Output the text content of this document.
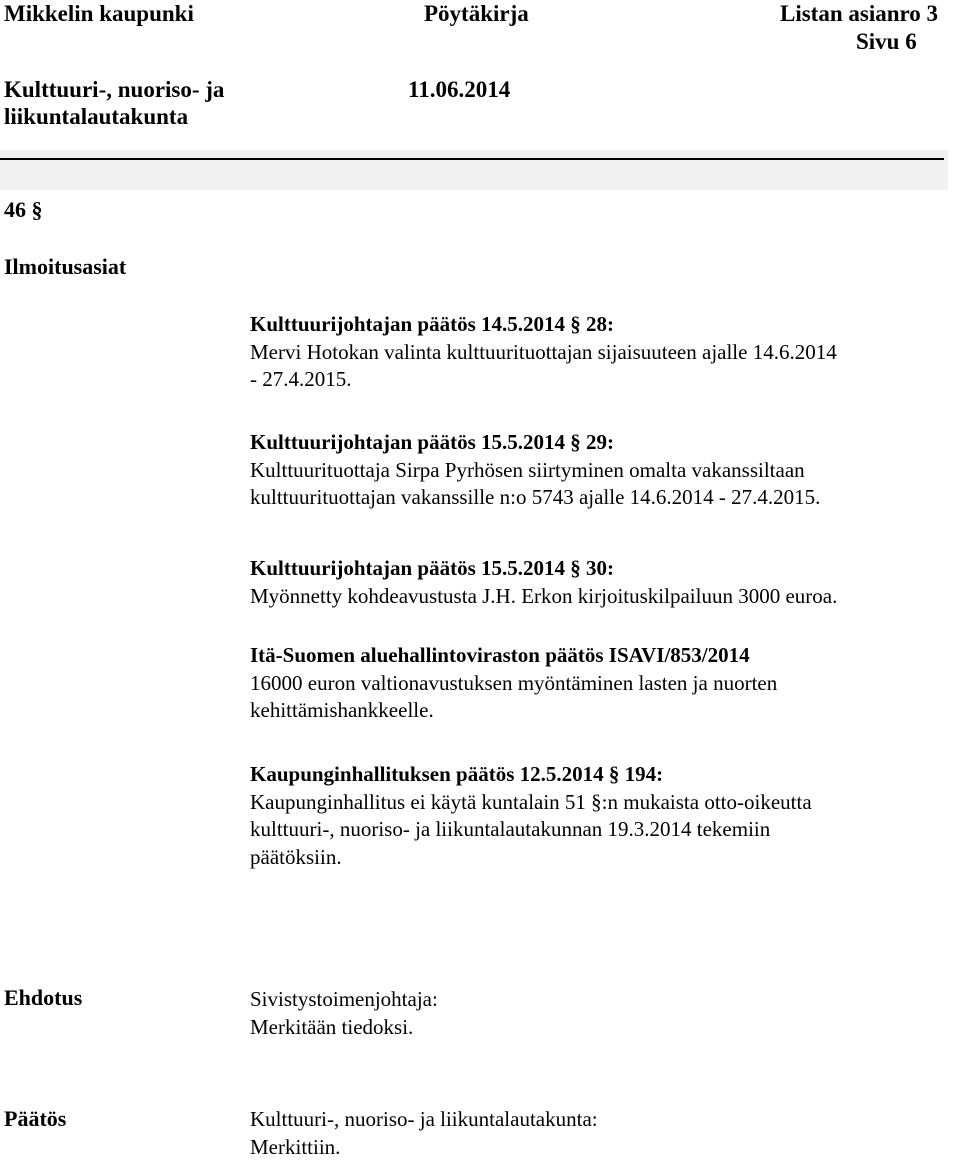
Mikkelin kaupunki	Pöytäkirja	Listan asianro 3
Sivu 6
Kulttuuri-, nuoriso- ja
liikuntalautakunta
11.06.2014
46 §
Ilmoitusasiat

Kulttuurijohtajan päätös 14.5.2014 § 28:

Mervi Hotokan valinta kulttuurituottajan sijaisuuteen ajalle 14.6.2014

- 27.4.2015.

Kulttuurijohtajan päätös 15.5.2014 § 29:

Kulttuurituottaja Sirpa Pyrhösen siirtyminen omalta vakanssiltaan

kulttuurituottajan vakanssille n:o 5743 ajalle 14.6.2014 - 27.4.2015.

Kulttuurijohtajan päätös 15.5.2014 § 30:

Myönnetty kohdeavustusta J.H. Erkon kirjoituskilpailuun 3000 euroa.

Itä-Suomen aluehallintoviraston päätös ISAVI/853/2014

16000 euron valtionavustuksen myöntäminen lasten ja nuorten

kehittämishankkeelle.

Kaupunginhallituksen päätös 12.5.2014 § 194:

Kaupunginhallitus ei käytä kuntalain 51 §:n mukaista otto-oikeutta

kulttuuri-, nuoriso- ja liikuntalautakunnan 19.3.2014 tekemiin

päätöksiin.

Ehdotus	Sivistystoimenjohtaja:

Merkitään tiedoksi.

Päätös	Kulttuuri-, nuoriso- ja liikuntalautakunta:

Merkittiin.
